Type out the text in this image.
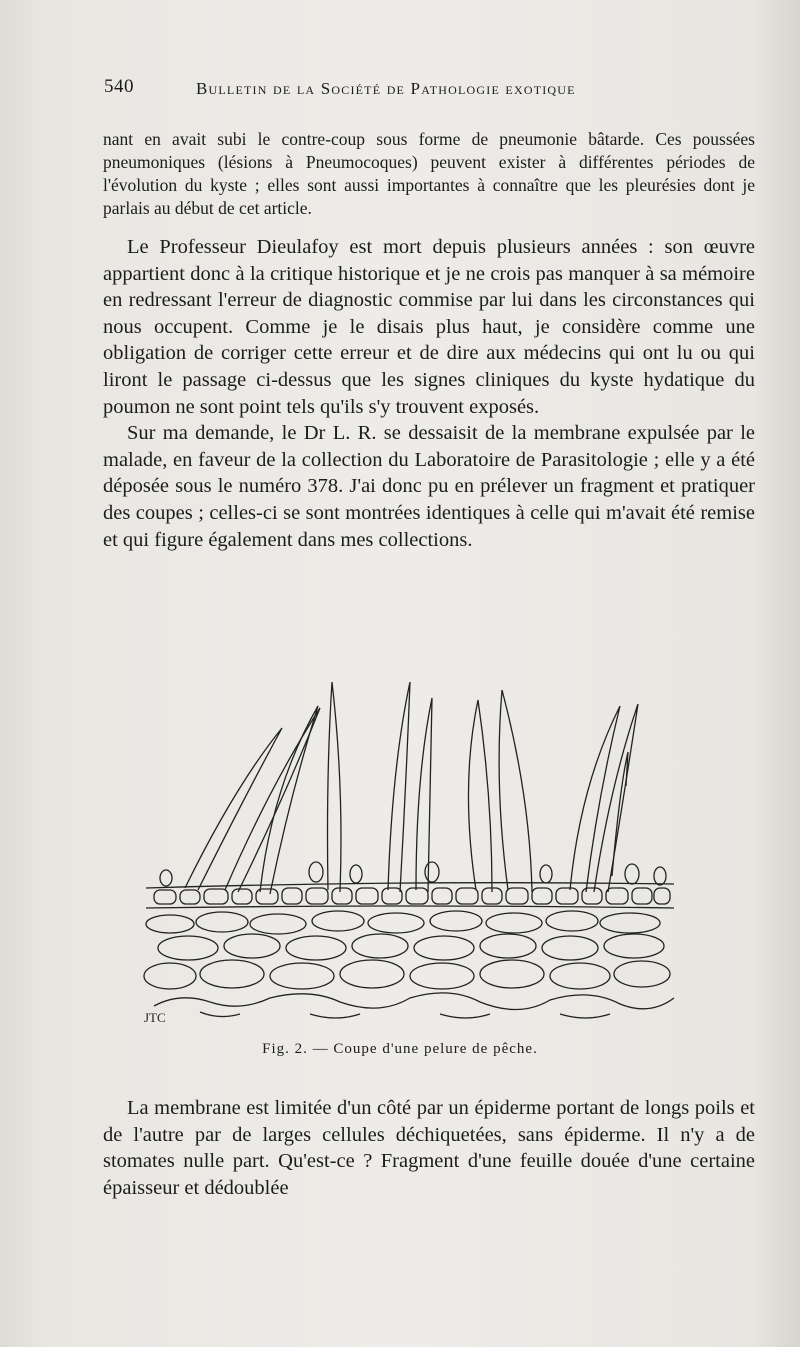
540	Bulletin de la Société de Pathologie exotique

nant en avait subi le contre-coup sous forme de pneumonie bâtarde. Ces poussées pneumoniques (lésions à Pneumocoques) peuvent exister à différentes périodes de l'évolution du kyste ; elles sont aussi importantes à connaître que les pleurésies dont je parlais au début de cet article.

Le Professeur Dieulafoy est mort depuis plusieurs années : son œuvre appartient donc à la critique historique et je ne crois pas manquer à sa mémoire en redressant l'erreur de diagnostic commise par lui dans les circonstances qui nous occupent. Comme je le disais plus haut, je considère comme une obligation de corriger cette erreur et de dire aux médecins qui ont lu ou qui liront le passage ci-dessus que les signes cliniques du kyste hydatique du poumon ne sont point tels qu'ils s'y trouvent exposés.

Sur ma demande, le Dr L. R. se dessaisit de la membrane expulsée par le malade, en faveur de la collection du Laboratoire de Parasitologie ; elle y a été déposée sous le numéro 378. J'ai donc pu en prélever un fragment et pratiquer des coupes ; celles-ci se sont montrées identiques à celle qui m'avait été remise et qui figure également dans mes collections.

JTC
Fig. 2. — Coupe d'une pelure de pêche.

La membrane est limitée d'un côté par un épiderme portant de longs poils et de l'autre par de larges cellules déchiquetées, sans épiderme. Il n'y a de stomates nulle part. Qu'est-ce ? Fragment d'une feuille douée d'une certaine épaisseur et dédoublée
